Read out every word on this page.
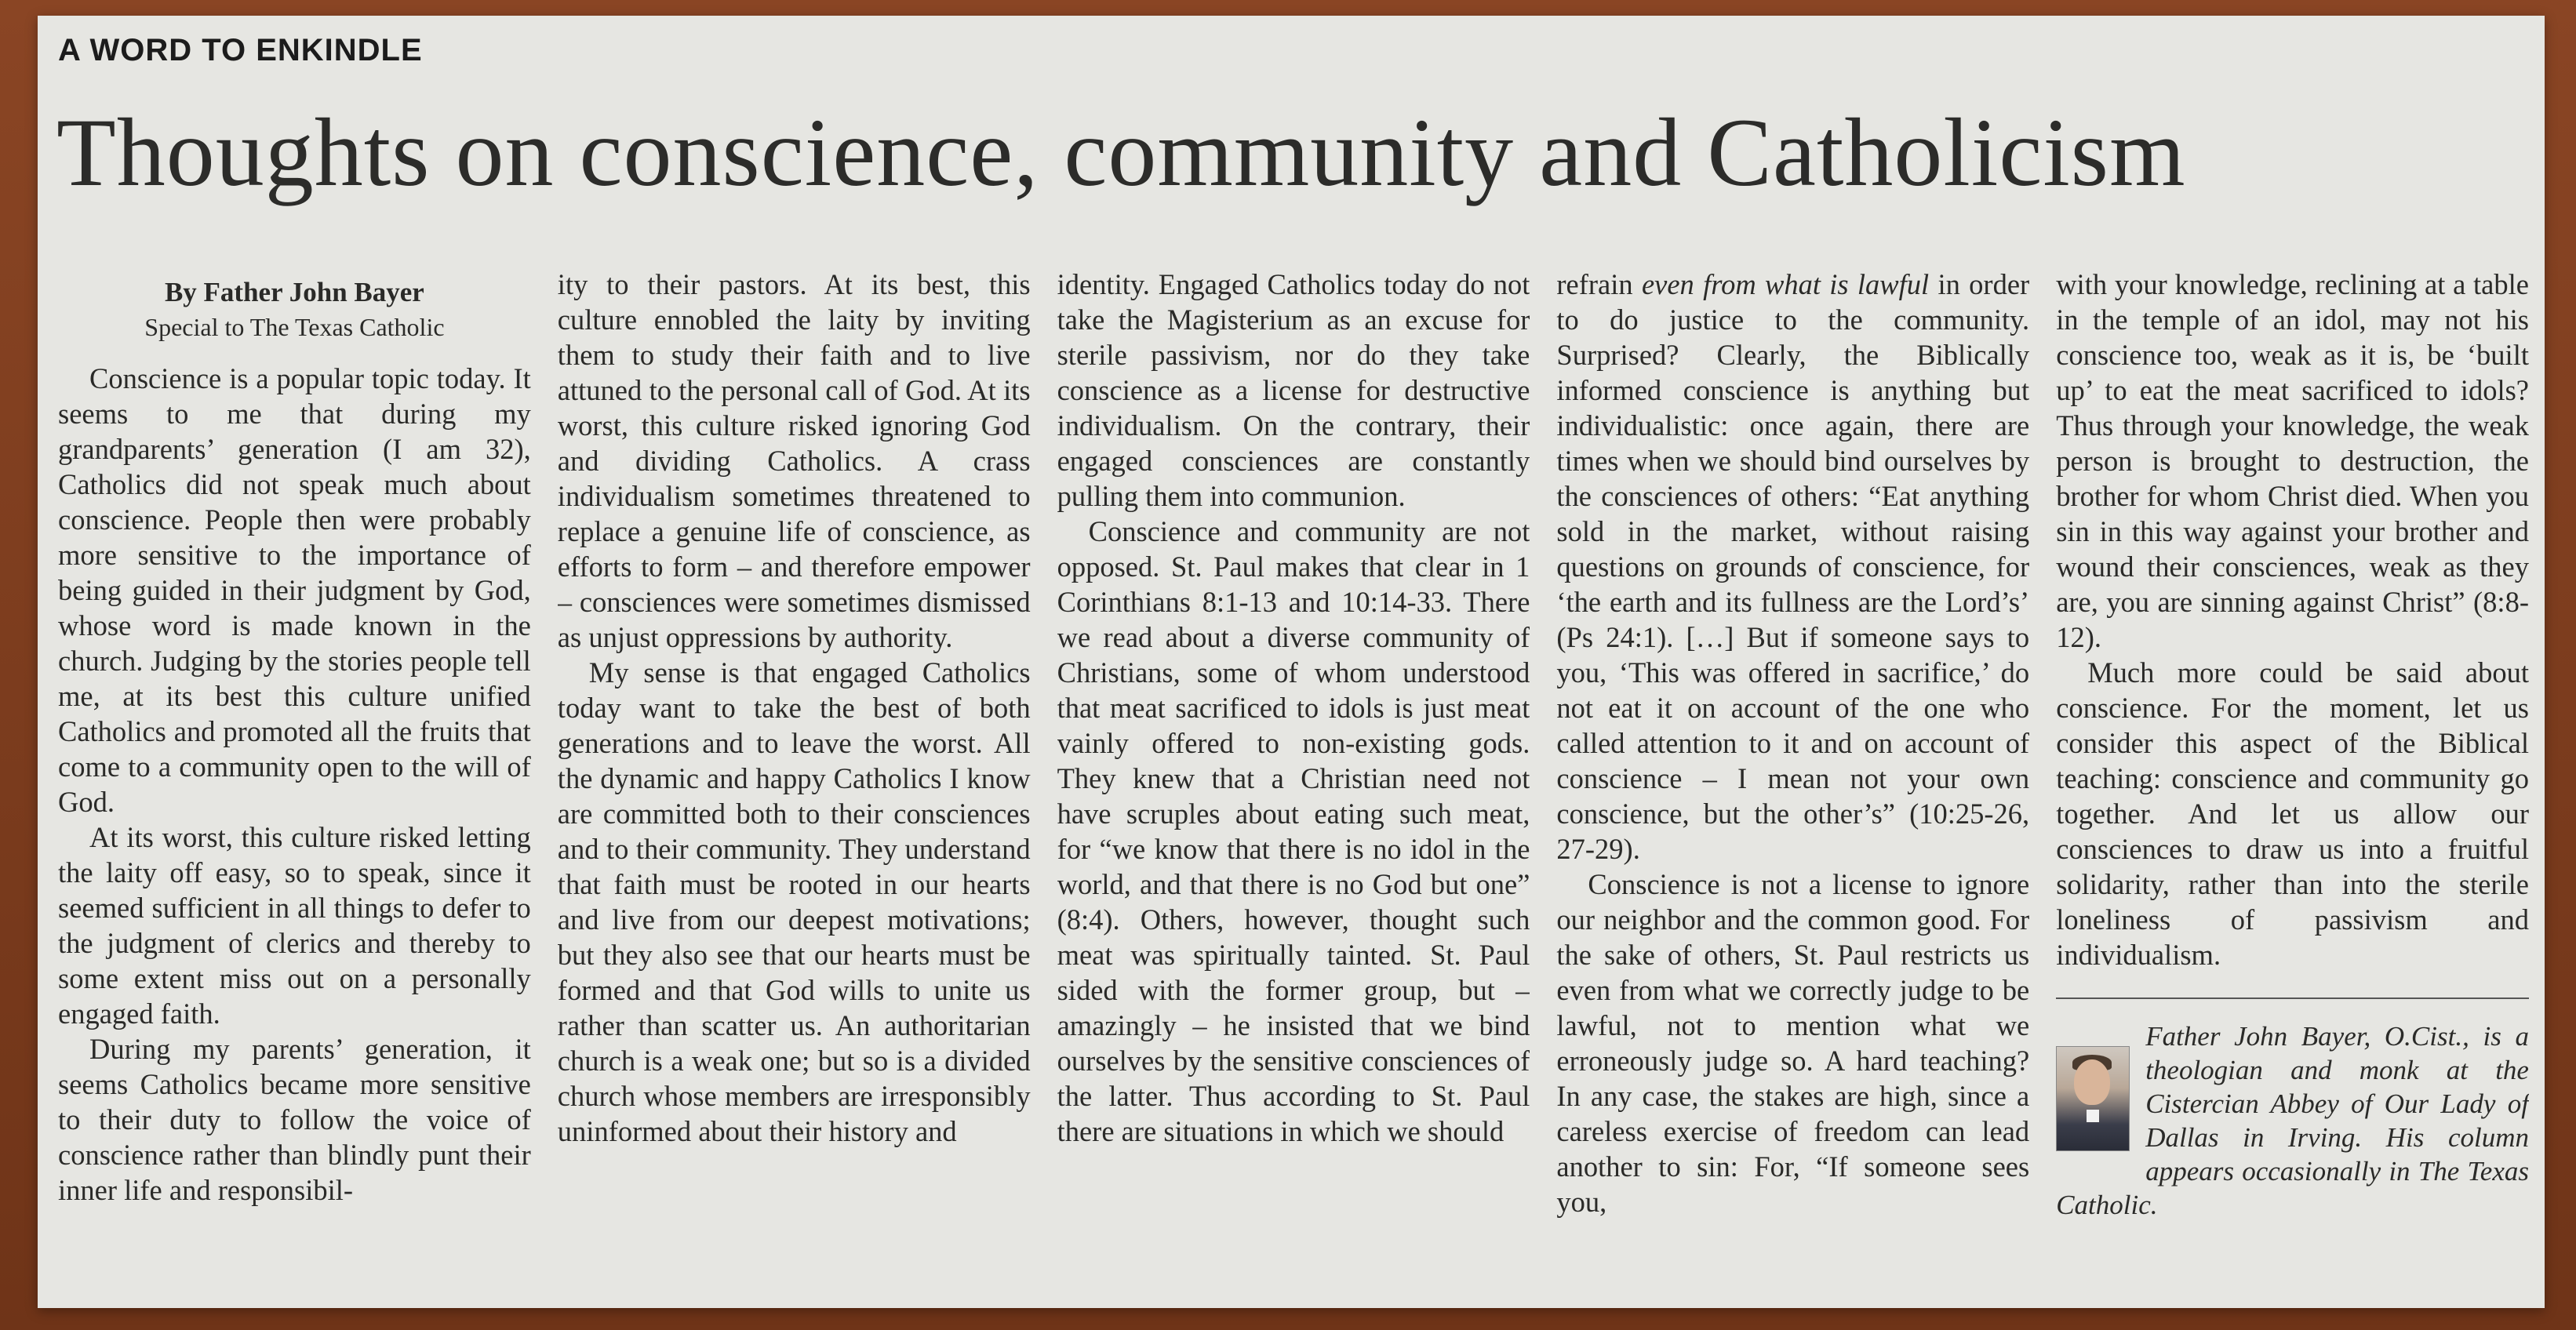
A WORD TO ENKINDLE
Thoughts on conscience, community and Catholicism
By Father John Bayer
Special to The Texas Catholic

Conscience is a popular topic today. It seems to me that during my grandparents’ generation (I am 32), Catholics did not speak much about conscience. People then were probably more sensitive to the importance of being guided in their judgment by God, whose word is made known in the church. Judging by the stories people tell me, at its best this culture unified Catholics and promoted all the fruits that come to a community open to the will of God.

At its worst, this culture risked letting the laity off easy, so to speak, since it seemed sufficient in all things to defer to the judgment of clerics and thereby to some extent miss out on a personally engaged faith.

During my parents’ generation, it seems Catholics became more sensitive to their duty to follow the voice of conscience rather than blindly punt their inner life and responsibil-

ity to their pastors. At its best, this culture ennobled the laity by inviting them to study their faith and to live attuned to the personal call of God. At its worst, this culture risked ignoring God and dividing Catholics. A crass individualism sometimes threatened to replace a genuine life of conscience, as efforts to form – and therefore empower – consciences were sometimes dismissed as unjust oppressions by authority.

My sense is that engaged Catholics today want to take the best of both generations and to leave the worst. All the dynamic and happy Catholics I know are committed both to their consciences and to their community. They understand that faith must be rooted in our hearts and live from our deepest motivations; but they also see that our hearts must be formed and that God wills to unite us rather than scatter us. An authoritarian church is a weak one; but so is a divided church whose members are irresponsibly uninformed about their history and

identity. Engaged Catholics today do not take the Magisterium as an excuse for sterile passivism, nor do they take conscience as a license for destructive individualism. On the contrary, their engaged consciences are constantly pulling them into communion.

Conscience and community are not opposed. St. Paul makes that clear in 1 Corinthians 8:1-13 and 10:14-33. There we read about a diverse community of Christians, some of whom understood that meat sacrificed to idols is just meat vainly offered to non-existing gods. They knew that a Christian need not have scruples about eating such meat, for “we know that there is no idol in the world, and that there is no God but one” (8:4). Others, however, thought such meat was spiritually tainted. St. Paul sided with the former group, but – amazingly – he insisted that we bind ourselves by the sensitive consciences of the latter. Thus according to St. Paul there are situations in which we should

refrain even from what is lawful in order to do justice to the community. Surprised? Clearly, the Biblically informed conscience is anything but individualistic: once again, there are times when we should bind ourselves by the consciences of others: “Eat anything sold in the market, without raising questions on grounds of conscience, for ‘the earth and its fullness are the Lord’s’ (Ps 24:1). […] But if someone says to you, ‘This was offered in sacrifice,’ do not eat it on account of the one who called attention to it and on account of conscience – I mean not your own conscience, but the other’s” (10:25-26, 27-29).

Conscience is not a license to ignore our neighbor and the common good. For the sake of others, St. Paul restricts us even from what we correctly judge to be lawful, not to mention what we erroneously judge so. A hard teaching? In any case, the stakes are high, since a careless exercise of freedom can lead another to sin: For, “If someone sees you,

with your knowledge, reclining at a table in the temple of an idol, may not his conscience too, weak as it is, be ‘built up’ to eat the meat sacrificed to idols? Thus through your knowledge, the weak person is brought to destruction, the brother for whom Christ died. When you sin in this way against your brother and wound their consciences, weak as they are, you are sinning against Christ” (8:8-12).

Much more could be said about conscience. For the moment, let us consider this aspect of the Biblical teaching: conscience and community go together. And let us allow our consciences to draw us into a fruitful solidarity, rather than into the sterile loneliness of passivism and individualism.

Father John Bayer, O.Cist., is a theologian and monk at the Cistercian Abbey of Our Lady of Dallas in Irving. His column appears occasionally in The Texas Catholic.
